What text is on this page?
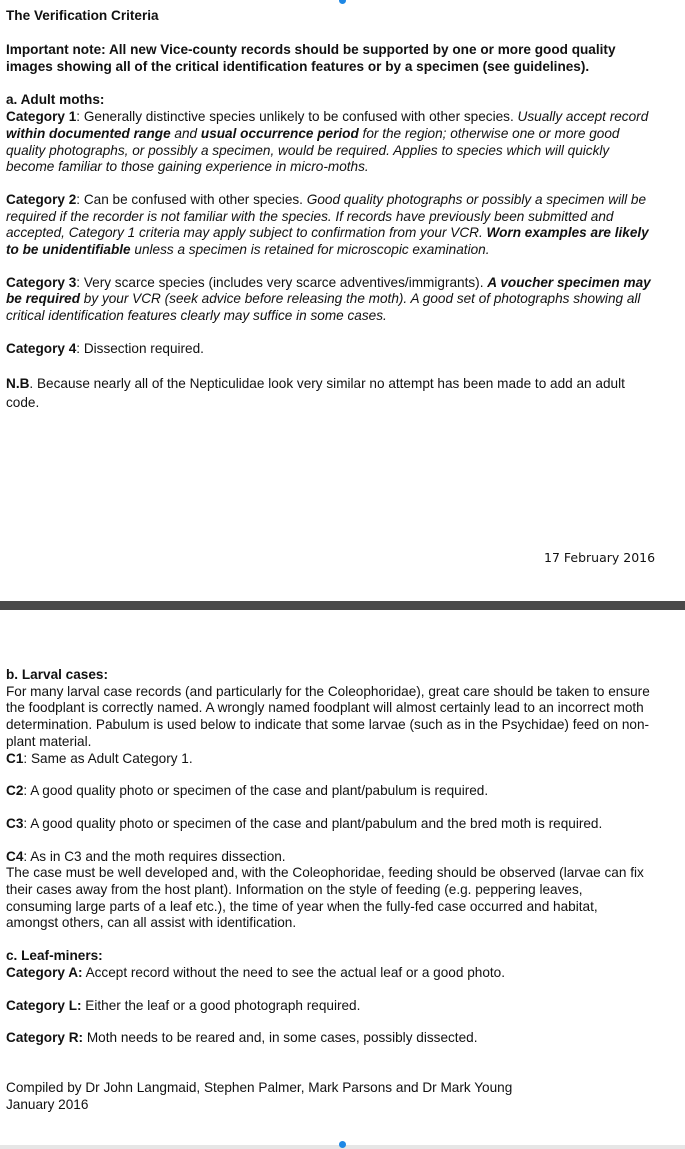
The Verification Criteria

Important note: All new Vice-county records should be supported by one or more good quality images showing all of the critical identification features or by a specimen (see guidelines).

a. Adult moths:

Category 1: Generally distinctive species unlikely to be confused with other species. Usually accept record within documented range and usual occurrence period for the region; otherwise one or more good quality photographs, or possibly a specimen, would be required. Applies to species which will quickly become familiar to those gaining experience in micro-moths.

Category 2: Can be confused with other species. Good quality photographs or possibly a specimen will be required if the recorder is not familiar with the species. If records have previously been submitted and accepted, Category 1 criteria may apply subject to confirmation from your VCR. Worn examples are likely to be unidentifiable unless a specimen is retained for microscopic examination.

Category 3: Very scarce species (includes very scarce adventives/immigrants). A voucher specimen may be required by your VCR (seek advice before releasing the moth). A good set of photographs showing all critical identification features clearly may suffice in some cases.

Category 4: Dissection required.

N.B. Because nearly all of the Nepticulidae look very similar no attempt has been made to add an adult code.

17 February 2016

b. Larval cases:

For many larval case records (and particularly for the Coleophoridae), great care should be taken to ensure the foodplant is correctly named. A wrongly named foodplant will almost certainly lead to an incorrect moth determination. Pabulum is used below to indicate that some larvae (such as in the Psychidae) feed on non-plant material.

C1: Same as Adult Category 1.

C2: A good quality photo or specimen of the case and plant/pabulum is required.

C3: A good quality photo or specimen of the case and plant/pabulum and the bred moth is required.

C4: As in C3 and the moth requires dissection.

The case must be well developed and, with the Coleophoridae, feeding should be observed (larvae can fix their cases away from the host plant). Information on the style of feeding (e.g. peppering leaves, consuming large parts of a leaf etc.), the time of year when the fully-fed case occurred and habitat, amongst others, can all assist with identification.

c. Leaf-miners:

Category A: Accept record without the need to see the actual leaf or a good photo.

Category L: Either the leaf or a good photograph required.

Category R: Moth needs to be reared and, in some cases, possibly dissected.

Compiled by Dr John Langmaid, Stephen Palmer, Mark Parsons and Dr Mark Young

January 2016
